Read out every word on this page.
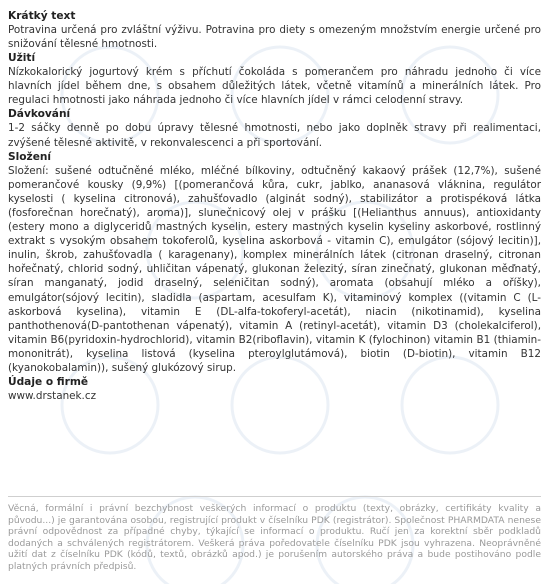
Krátký text

Potravina určená pro zvláštní výživu. Potravina pro diety s omezeným množstvím energie určené pro snižování tělesné hmotnosti.

Užití

Nízkokalorický jogurtový krém s příchutí čokoláda s pomerančem pro náhradu jednoho či více hlavních jídel během dne, s obsahem důležitých látek, včetně vitamínů a minerálních látek. Pro regulaci hmotnosti jako náhrada jednoho či více hlavních jídel v rámci celodenní stravy.

Dávkování

1-2 sáčky denně po dobu úpravy tělesné hmotnosti, nebo jako doplněk stravy při realimentaci, zvýšené tělesné aktivitě, v rekonvalescenci a při sportování.

Složení

Složení: sušené odtučněné mléko, mléčné bílkoviny, odtučněný kakaový prášek (12,7%), sušené pomerančové kousky (9,9%) [(pomerančová kůra, cukr, jablko, ananasová vláknina, regulátor kyselosti ( kyselina citronová), zahušťovadlo (alginát sodný), stabilizátor a protispéková látka (fosforečnan horečnatý), aroma)], slunečnicový olej v prášku [(Helianthus annuus), antioxidanty (estery mono a diglyceridů mastných kyselin, estery mastných kyselin kyseliny askorbové, rostlinný extrakt s vysokým obsahem tokoferolů, kyselina askorbová - vitamin C), emulgátor (sójový lecitin)], inulin, škrob, zahušťovadla ( karagenany), komplex minerálních látek (citronan draselný, citronan hořečnatý, chlorid sodný, uhličitan vápenatý, glukonan železitý, síran zinečnatý, glukonan měďnatý, síran manganatý, jodid draselný, seleničitan sodný), aromata (obsahují mléko a oříšky), emulgátor(sójový lecitin), sladidla (aspartam, acesulfam K), vitaminový komplex ((vitamin C (L-askorbová kyselina), vitamin E (DL-alfa-tokoferyl-acetát), niacin (nikotinamid), kyselina panthothenová(D-pantothenan vápenatý), vitamin A (retinyl-acetát), vitamin D3 (cholekalciferol), vitamin B6(pyridoxin-hydrochlorid), vitamin B2(riboflavin), vitamin K (fylochinon) vitamin B1 (thiamin-mononitrát), kyselina listová (kyselina pteroylglutámová), biotin (D-biotin), vitamin B12 (kyanokobalamin)), sušený glukózový sirup.

Údaje o firmě

www.drstanek.cz

Věcná, formální i právní bezchybnost veškerých informací o produktu (texty, obrázky, certifikáty kvality a původu...) je garantována osobou, registrující produkt v číselníku PDK (registrátor). Společnost PHARMDATA nenese právní odpovědnost za případné chyby, týkající se informací o produktu. Ručí jen za korektní sběr podkladů dodaných a schválených registrátorem. Veškerá práva poředovatele číselníku PDK jsou vyhrazena. Neoprávněné užití dat z číselníku PDK (kódů, textů, obrázků apod.) je porušením autorského práva a bude postihováno podle platných právních předpisů.
